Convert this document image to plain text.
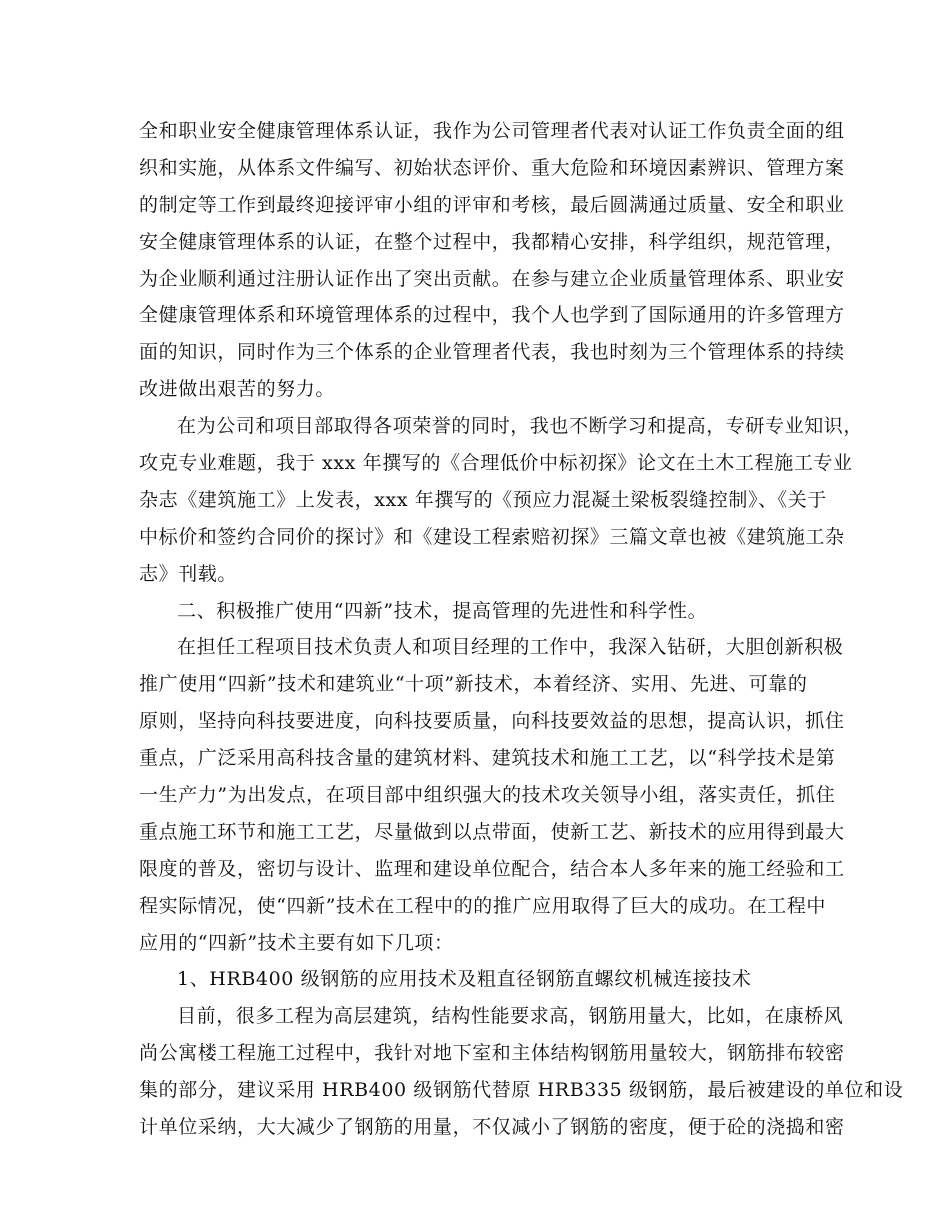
全和职业安全健康管理体系认证，我作为公司管理者代表对认证工作负责全面的组
织和实施，从体系文件编写、初始状态评价、重大危险和环境因素辨识、管理方案
的制定等工作到最终迎接评审小组的评审和考核，最后圆满通过质量、安全和职业
安全健康管理体系的认证，在整个过程中，我都精心安排，科学组织，规范管理，
为企业顺利通过注册认证作出了突出贡献。在参与建立企业质量管理体系、职业安
全健康管理体系和环境管理体系的过程中，我个人也学到了国际通用的许多管理方
面的知识，同时作为三个体系的企业管理者代表，我也时刻为三个管理体系的持续
改进做出艰苦的努力。
在为公司和项目部取得各项荣誉的同时，我也不断学习和提高，专研专业知识，
攻克专业难题，我于 xxx 年撰写的《合理低价中标初探》论文在土木工程施工专业
杂志《建筑施工》上发表，xxx 年撰写的《预应力混凝土梁板裂缝控制》、《关于
中标价和签约合同价的探讨》和《建设工程索赔初探》三篇文章也被《建筑施工杂
志》刊载。
二、积极推广使用“四新”技术，提高管理的先进性和科学性。
在担任工程项目技术负责人和项目经理的工作中，我深入钻研，大胆创新积极
推广使用“四新”技术和建筑业“十项”新技术，本着经济、实用、先进、可靠的
原则，坚持向科技要进度，向科技要质量，向科技要效益的思想，提高认识，抓住
重点，广泛采用高科技含量的建筑材料、建筑技术和施工工艺，以“科学技术是第
一生产力”为出发点，在项目部中组织强大的技术攻关领导小组，落实责任，抓住
重点施工环节和施工工艺，尽量做到以点带面，使新工艺、新技术的应用得到最大
限度的普及，密切与设计、监理和建设单位配合，结合本人多年来的施工经验和工
程实际情况，使“四新”技术在工程中的的推广应用取得了巨大的成功。在工程中
应用的“四新”技术主要有如下几项：
1、HRB400 级钢筋的应用技术及粗直径钢筋直螺纹机械连接技术
目前，很多工程为高层建筑，结构性能要求高，钢筋用量大，比如，在康桥风
尚公寓楼工程施工过程中，我针对地下室和主体结构钢筋用量较大，钢筋排布较密
集的部分，建议采用 HRB400 级钢筋代替原 HRB335 级钢筋，最后被建设的单位和设
计单位采纳，大大减少了钢筋的用量，不仅减小了钢筋的密度，便于砼的浇捣和密
